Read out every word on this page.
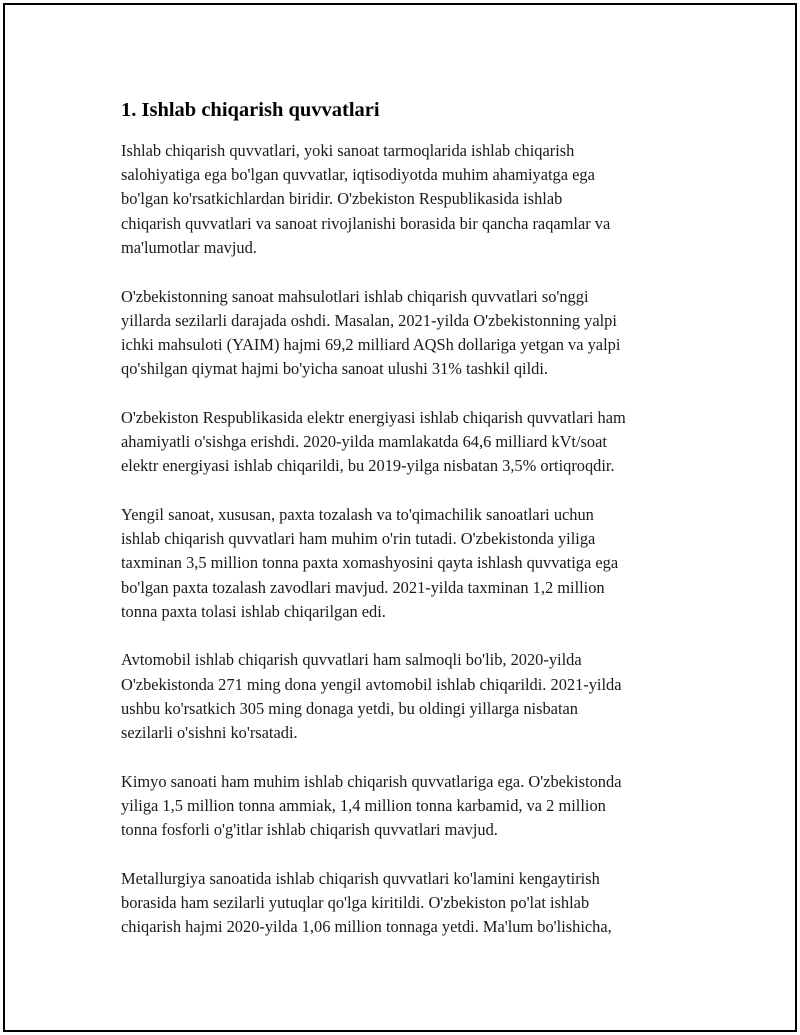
1. Ishlab chiqarish quvvatlari

Ishlab chiqarish quvvatlari, yoki sanoat tarmoqlarida ishlab chiqarish
salohiyatiga ega bo'lgan quvvatlar, iqtisodiyotda muhim ahamiyatga ega
bo'lgan ko'rsatkichlardan biridir. O'zbekiston Respublikasida ishlab
chiqarish quvvatlari va sanoat rivojlanishi borasida bir qancha raqamlar va
ma'lumotlar mavjud.

O'zbekistonning sanoat mahsulotlari ishlab chiqarish quvvatlari so'nggi
yillarda sezilarli darajada oshdi. Masalan, 2021-yilda O'zbekistonning yalpi
ichki mahsuloti (YAIM) hajmi 69,2 milliard AQSh dollariga yetgan va yalpi
qo'shilgan qiymat hajmi bo'yicha sanoat ulushi 31% tashkil qildi.

O'zbekiston Respublikasida elektr energiyasi ishlab chiqarish quvvatlari ham
ahamiyatli o'sishga erishdi. 2020-yilda mamlakatda 64,6 milliard kVt/soat
elektr energiyasi ishlab chiqarildi, bu 2019-yilga nisbatan 3,5% ortiqroqdir.

Yengil sanoat, xususan, paxta tozalash va to'qimachilik sanoatlari uchun
ishlab chiqarish quvvatlari ham muhim o'rin tutadi. O'zbekistonda yiliga
taxminan 3,5 million tonna paxta xomashyosini qayta ishlash quvvatiga ega
bo'lgan paxta tozalash zavodlari mavjud. 2021-yilda taxminan 1,2 million
tonna paxta tolasi ishlab chiqarilgan edi.

Avtomobil ishlab chiqarish quvvatlari ham salmoqli bo'lib, 2020-yilda
O'zbekistonda 271 ming dona yengil avtomobil ishlab chiqarildi. 2021-yilda
ushbu ko'rsatkich 305 ming donaga yetdi, bu oldingi yillarga nisbatan
sezilarli o'sishni ko'rsatadi.

Kimyo sanoati ham muhim ishlab chiqarish quvvatlariga ega. O'zbekistonda
yiliga 1,5 million tonna ammiak, 1,4 million tonna karbamid, va 2 million
tonna fosforli o'g'itlar ishlab chiqarish quvvatlari mavjud.

Metallurgiya sanoatida ishlab chiqarish quvvatlari ko'lamini kengaytirish
borasida ham sezilarli yutuqlar qo'lga kiritildi. O'zbekiston po'lat ishlab
chiqarish hajmi 2020-yilda 1,06 million tonnaga yetdi. Ma'lum bo'lishicha,
